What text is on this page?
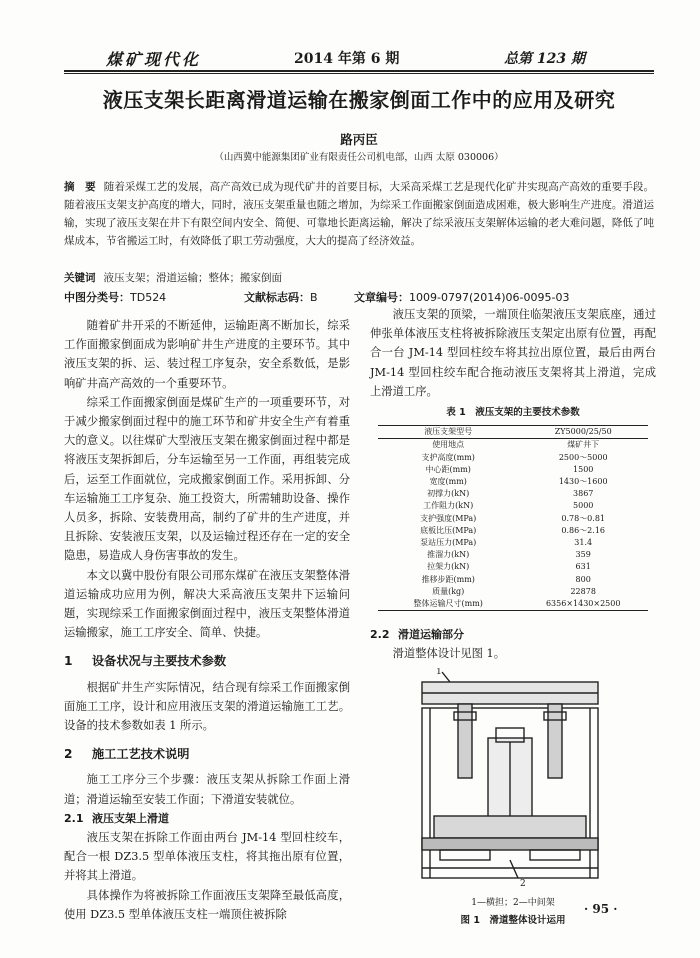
煤矿现代化	2014 年第 6 期	总第 123 期
液压支架长距离滑道运输在搬家倒面工作中的应用及研究
路丙臣
（山西冀中能源集团矿业有限责任公司机电部，山西 太原 030006）
摘　要 随着采煤工艺的发展，高产高效已成为现代矿井的首要目标，大采高采煤工艺是现代化矿井实现高产高效的重要手段。随着液压支架支护高度的增大，同时，液压支架重量也随之增加，为综采工作面搬家倒面造成困难，极大影响生产进度。滑道运输，实现了液压支架在井下有限空间内安全、简便、可靠地长距离运输，解决了综采液压支架解体运输的老大难问题，降低了吨煤成本，节省搬运工时，有效降低了职工劳动强度，大大的提高了经济效益。
关键词 液压支架；滑道运输；整体；搬家倒面
中图分类号：TD524	文献标志码：B	文章编号：1009-0797(2014)06-0095-03

随着矿井开采的不断延伸，运输距离不断加长，综采工作面搬家倒面成为影响矿井生产进度的主要环节。其中液压支架的拆、运、装过程工序复杂，安全系数低，是影响矿井高产高效的一个重要环节。

综采工作面搬家倒面是煤矿生产的一项重要环节，对于减少搬家倒面过程中的施工环节和矿井安全生产有着重大的意义。以往煤矿大型液压支架在搬家倒面过程中都是将液压支架拆卸后，分车运输至另一工作面，再组装完成后，运至工作面就位，完成搬家倒面工作。采用拆卸、分车运输施工工序复杂、施工投资大，所需辅助设备、操作人员多，拆除、安装费用高，制约了矿井的生产进度，并且拆除、安装液压支架，以及运输过程还存在一定的安全隐患，易造成人身伤害事故的发生。

本文以冀中股份有限公司邢东煤矿在液压支架整体滑道运输成功应用为例，解决大采高液压支架井下运输问题，实现综采工作面搬家倒面过程中，液压支架整体滑道运输搬家，施工工序安全、简单、快捷。

1 设备状况与主要技术参数

根据矿井生产实际情况，结合现有综采工作面搬家倒面施工工序，设计和应用液压支架的滑道运输施工工艺。设备的技术参数如表 1 所示。

2 施工工艺技术说明

施工工序分三个步骤：液压支架从拆除工作面上滑道；滑道运输至安装工作面；下滑道安装就位。

2.1 液压支架上滑道

液压支架在拆除工作面由两台 JM-14 型回柱绞车，配合一根 DZ3.5 型单体液压支柱，将其拖出原有位置，并将其上滑道。

具体操作为将被拆除工作面液压支架降至最低高度，使用 DZ3.5 型单体液压支柱一端顶住被拆除

液压支架的顶梁，一端顶住临架液压支架底座，通过伸张单体液压支柱将被拆除液压支架定出原有位置，再配合一台 JM-14 型回柱绞车将其拉出原位置，最后由两台 JM-14 型回柱绞车配合拖动液压支架将其上滑道，完成上滑道工序。

表 1　液压支架的主要技术参数
液压支架型号	ZY5000/25/50
使用地点	煤矿井下
支护高度(mm)	2500～5000
中心距(mm)	1500
宽度(mm)	1430～1600
初撑力(kN)	3867
工作阻力(kN)	5000
支护强度(MPa)	0.78～0.81
底板比压(MPa)	0.86～2.16
泵站压力(MPa)	31.4
推溜力(kN)	359
拉架力(kN)	631
推移步距(mm)	800
质量(kg)	22878
整体运输尺寸(mm)	6356×1430×2500
2.2 滑道运输部分

滑道整体设计见图 1。

1
2
1—横担；2—中间架
图 1　滑道整体设计运用
· 95 ·
